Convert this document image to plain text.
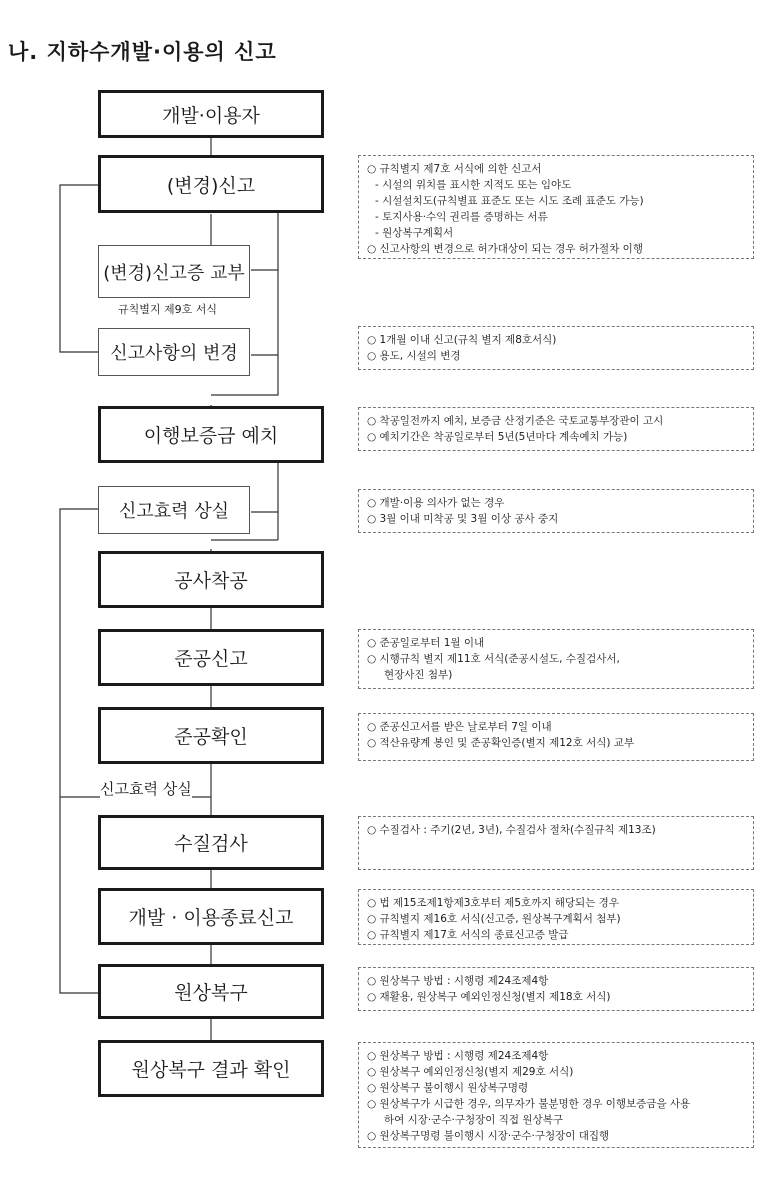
나. 지하수개발·이용의 신고
개발·이용자
(변경)신고
(변경)신고증 교부
규칙별지 제9호 서식
신고사항의 변경
이행보증금 예치
신고효력 상실
공사착공
준공신고
준공확인
신고효력 상실
수질검사
개발 · 이용종료신고
원상복구
원상복구 결과 확인
○ 규칙별지 제7호 서식에 의한 신고서
- 시설의 위치를 표시한 지적도 또는 임야도
- 시설설치도(규칙별표 표준도 또는 시도 조례 표준도 가능)
- 토지사용·수익 권리를 증명하는 서류
- 원상복구계획서
○ 신고사항의 변경으로 허가대상이 되는 경우 허가절차 이행
○ 1개월 이내 신고(규칙 별지 제8호서식)
○ 용도, 시설의 변경
○ 착공일전까지 예치, 보증금 산정기준은 국토교통부장관이 고시
○ 예치기간은 착공일로부터 5년(5년마다 계속예치 가능)
○ 개발·이용 의사가 없는 경우
○ 3월 이내 미착공 및 3월 이상 공사 중지
○ 준공일로부터 1월 이내
○ 시행규칙 별지 제11호 서식(준공시설도, 수질검사서,
현장사진 첨부)
○ 준공신고서를 받은 날로부터 7일 이내
○ 적산유량계 봉인 및 준공확인증(별지 제12호 서식) 교부
○ 수질검사 : 주기(2년, 3년), 수질검사 절차(수질규칙 제13조)
○ 법 제15조제1항제3호부터 제5호까지 해당되는 경우
○ 규칙별지 제16호 서식(신고증, 원상복구계획서 첨부)
○ 규칙별지 제17호 서식의 종료신고증 발급
○ 원상복구 방법 : 시행령 제24조제4항
○ 재활용, 원상복구 예외인정신청(별지 제18호 서식)
○ 원상복구 방법 : 시행령 제24조제4항
○ 원상복구 예외인정신청(별지 제29호 서식)
○ 원상복구 불이행시 원상복구명령
○ 원상복구가 시급한 경우, 의무자가 불분명한 경우 이행보증금을 사용
하여 시장·군수·구청장이 직접 원상복구
○ 원상복구명령 불이행시 시장·군수·구청장이 대집행
